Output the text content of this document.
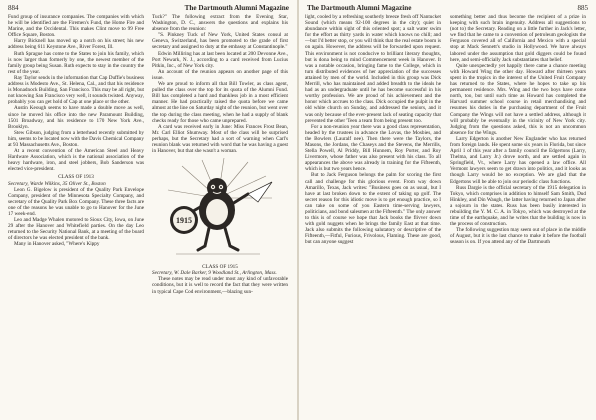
884	The Dartmouth Alumni Magazine

Fund group of insurance companies. The companies with which he will be identified are the Firemen's Fund, the Home Fire and Marine, and the Occidental. This makes Clint move to 99 Free Office Square, Boston.

Harry Bicknell has moved up a notch on his street; his new address being 611 Keystone Ave., River Forest, Ill.

Ruth Sprague has come to the States to join his family, which is now larger than formerly by one, the newest member of the family group being Susan. Ruth expects to stay in the country the rest of the year.

Ray Taylor sends in the information that Cap Duffie's business address is Modesto Ave., St. Helena, Cal., and that his residence is Monadnock Building, San Francisco. This may be all right, but not knowing San Francisco very well, it sounds twisted. Anyway, probably you can get hold of Cap at one place or the other.

Austin Keough seems to have made a double move as well, since he moved his office into the new Paramount Building, 1501 Broadway, and his residence to 170 New York Ave., Brooklyn.

Stew Gibson, judging from a letterhead recently submitted by him, seems to be located now with the Davis Chemical Company at 93 Massachusetts Ave., Boston.

At a recent convention of the American Steel and Heavy Hardware Association, which is the national association of the heavy hardware, iron, and steel jobbers, Bob Sanderson was elected vice-president.

CLASS OF 1913

Secretary, Warde Wilkins, 35 Oliver St., Boston

Leon G. Bigelow is president of the Quality Park Envelope Company, president of the Minnesota Specialty Company, and secretary of the Quality Park Box Company. These three facts are one of the reasons he was unable to go to Hanover for the June 17 week-end.

Leo and Madge Whalen motored to Sioux City, Iowa, on June 29 after the Hanover and Whitefield parties. On the day Leo returned to the Security National Bank, at a meeting of the board of directors he was elected president of the bank.

Many in Hanover asked, "Where's Kippy

Tuck?" The following extract from the Evening Star, Washington, D. C., answers the questions and explains his absence from the reunion:

"S. Pinkney Tuck of New York, United States consul at Geneva, Switzerland, has been promoted to the grade of first secretary and assigned to duty at the embassy at Constantinople."

Edwin Milliring has at last been located at 200 Devonne Ave., Port Newark, N. J., according to a card received from Lucius Pitkin, Inc., of New York city.

An account of the reunion appears on another page of this issue.

We are proud to inform all that Bill Towler, as class agent, pulled the class over the top for its quota of the Alumni Fund. Bill has completed a hard and thankless job in a most efficient manner. He had practically raised the quota before we came almost at the line on Saturday night of the reunion, but went over the top during the class meeting, when he had a supply of blank checks ready for those who came unprepared.

A card was received early in June: Miss Frances Frost Bean, Mr. Carl Elliot Shumway. Most of the class will be surprised perhaps, but the Secretary had a sort of warning when Carl's reunion blank was returned with word that he was having a guest in Hanover, but that she wasn't a woman.

1915

CLASS OF 1915

Secretary, W. Dale Barker, 9 Woodland St., Arlington, Mass.

These notes may be read under most any kind of unfavorable conditions, but it is well to record the fact that they were written in typical Cape Cod environment,—blazing sun-

The Dartmouth Alumni Magazine	885

light, cooled by a refreshing southerly breeze fresh off Nantucket Sound (which means 92-100 degrees in the city); quiet in abundance within sight of this oriented spot; a salt water swim for the effort as thirty yards in water which knows no chill; and—but I'd better stop, or you will think that the real estate boom is on again. However, the address will be forwarded upon request. This environment is not conducive to brilliant literary thoughts, but is dona being to mind Commencement week in Hanover. It was a notable occasion, bringing fame to the College, which in turn distributed evidences of her appreciation of the successes attained by men of the world. Included in this group was Dick Merrill, who has maintained and added breadth to the ideals he had as an undergraduate until he has become successful in his worthy profession. We are proud of his achievement and the honor which accrues to the class. Dick occupied the pulpit in the old white church on Sunday, and addressed the seniors, and it was only because of the ever-present lack of seating capacity that prevented the other 'Teen a team from being present too.

For a non-reunion year there was a good class representation, headed by the trustees in advance the Lovas, the Mosbies, and the Bowlers (Lauralf nee). Then there were the Taylors, the Masons, the Jordans, the Chaseys and the Stevens, the Merrills, Stella Powell, Al Priddy, Bill Hunnem, Roy Porter, and Roy Livermore, whose father was also present with his class. To all appearances the above was already in training for the Fifteenth, which is but two years hence.

But to Jack Ferguson belongs the palm for scoring the first call and challenge for this glorious event. From way down Amarillo, Texas, Jack writes: "Business goes on as usual, but I have at last broken down to the extent of taking up golf. The secret reason for this idiotic move is to get enough practice, so I can take on some of you Eastern time-serving lawyers, politicians, and bond salesmen at the Fifteenth." The only answer to this is of course we hope that Jack books the flivver down with gold nuggets when he brings the family East at that time. Jack also submits the following salutatory or descriptive of the Fifteenth,—Fitful, Furious, Frivolous, Flaming. These are good, but can anyone suggest

something better and thus become the recipient of a prize in keeping with such brain ingenuity. Address all suggestions to (not to) the Secretary. Reading on a little further in Jack's letter, we find that he came to a convention of petroleum geologists the Ferguson covered all of California and Mexico with a special stop at Mack Sennett's studio in Hollywood. We have always labored under the assumption that gold diggers could be found here, and semi-officially Jack substantiates that belief.

Quite unexpectedly yet happily there came a chance meeting with Howard Wing the other day. Howard after thirteen years spent in the tropics in the interest of the United Fruit Company has returned to the States, where he hopes to take up his permanent residence. Mrs. Wing and the two boys have come north, too, but until such time as Howard has completed the Harvard summer school course in retail merchandising and resumes his duties in the purchasing department of the Fruit Company the Wings will not have a settled address, although it will probably be eventually in the vicinity of New York city. Judging from the questions asked, this is not an uncommon absence for the Wings.

Larry Edgerton is another New Englander who has returned from foreign lands. He spent some six years in Florida, but since April 1 of this year after a family council the Edgertons (Larry, Thelma, and Larry Jr.) drove north, and are settled again in Springfield, Vt., where Larry has opened a law office. All Vermont lawyers seem to get drawn into politics, and it looks as though Larry would be no exception. We are glad that the Edgertons will be able to join our periodic class functions.

Russ Dargie is the official secretary of the 1915 delegation in Tokyo, which comprises in addition to himself Sam Smith, Dud Hinkley, and Din Waugh, the latter having returned to Japan after a sojourn in the states. Russ has been busily interested in rebuilding the Y. M. C. A. in Tokyo, which was destroyed at the time of the earthquake, and he writes that the building is now in the process of construction.

The following suggestion may seem out of place in the middle of August, but it is the last chance to make it before the football season is on. If you attend any of the Dartmouth
